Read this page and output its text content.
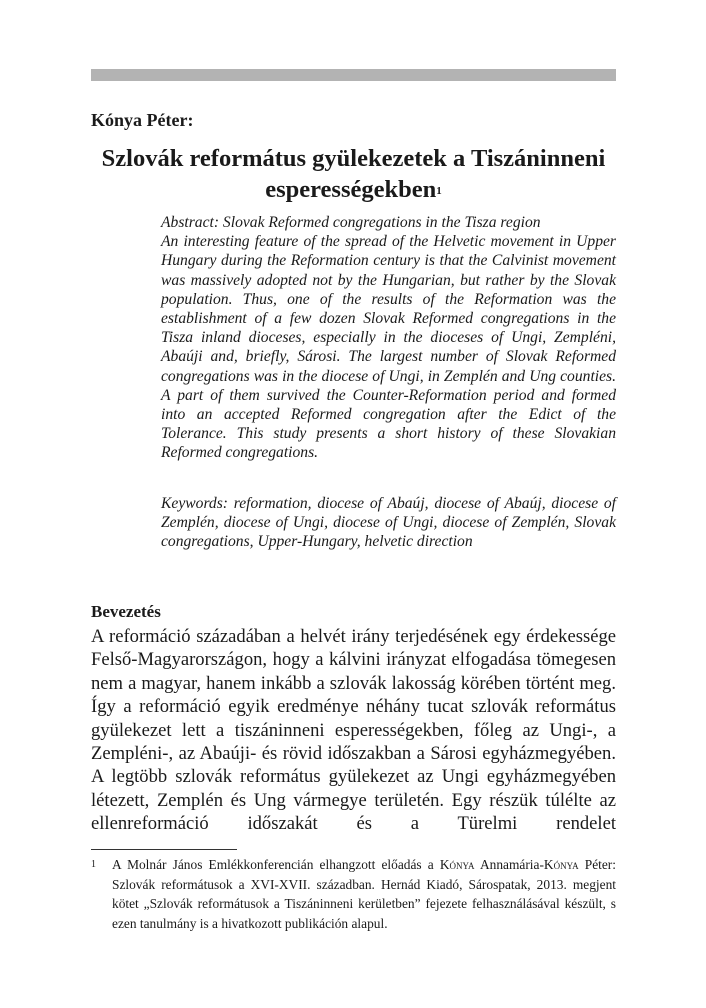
Kónya Péter:
Szlovák református gyülekezetek a Tiszáninneni
esperességekben$^1$

Abstract: Slovak Reformed congregations in the Tisza region

An interesting feature of the spread of the Helvetic movement in Upper Hungary during the Reformation century is that the Calvinist movement was massively adopted not by the Hungarian, but rather by the Slovak population. Thus, one of the results of the Reformation was the establishment of a few dozen Slovak Reformed congregations in the Tisza inland dioceses, especially in the dioceses of Ungi, Zempléni, Abaúji and, briefly, Sárosi. The largest number of Slovak Reformed congregations was in the diocese of Ungi, in Zemplén and Ung counties. A part of them survived the Counter-Reformation period and formed into an accepted Reformed congregation after the Edict of the Tolerance. This study presents a short history of these Slovakian Reformed congregations.

Keywords: reformation, diocese of Abaúj, diocese of Abaúj, diocese of Zemplén, diocese of Ungi, diocese of Ungi, diocese of Zemplén, Slovak congregations, Upper-Hungary, helvetic direction

Bevezetés

A reformáció századában a helvét irány terjedésének egy érdekessége Felső-Magyarországon, hogy a kálvini irányzat elfogadása tömegesen nem a magyar, hanem inkább a szlovák lakosság körében történt meg. Így a reformáció egyik eredménye néhány tucat szlovák református gyülekezet lett a tiszáninneni esperességekben, főleg az Ungi-, a Zempléni-, az Abaúji- és rövid időszakban a Sárosi egyházmegyében. A legtöbb szlovák református gyülekezet az Ungi egyházmegyében létezett, Zemplén és Ung vármegye területén. Egy részük túlélte az ellenreformáció időszakát és a Türelmi rendelet

1 A Molnár János Emlékkonferencián elhangzott előadás a Kónya Annamária-Kónya Péter: Szlovák reformátusok a XVI-XVII. században. Hernád Kiadó, Sárospatak, 2013. megjent kötet „Szlovák reformátusok a Tiszáninneni kerületben” fejezete felhasználásával készült, s ezen tanulmány is a hivatkozott publikáción alapul.
